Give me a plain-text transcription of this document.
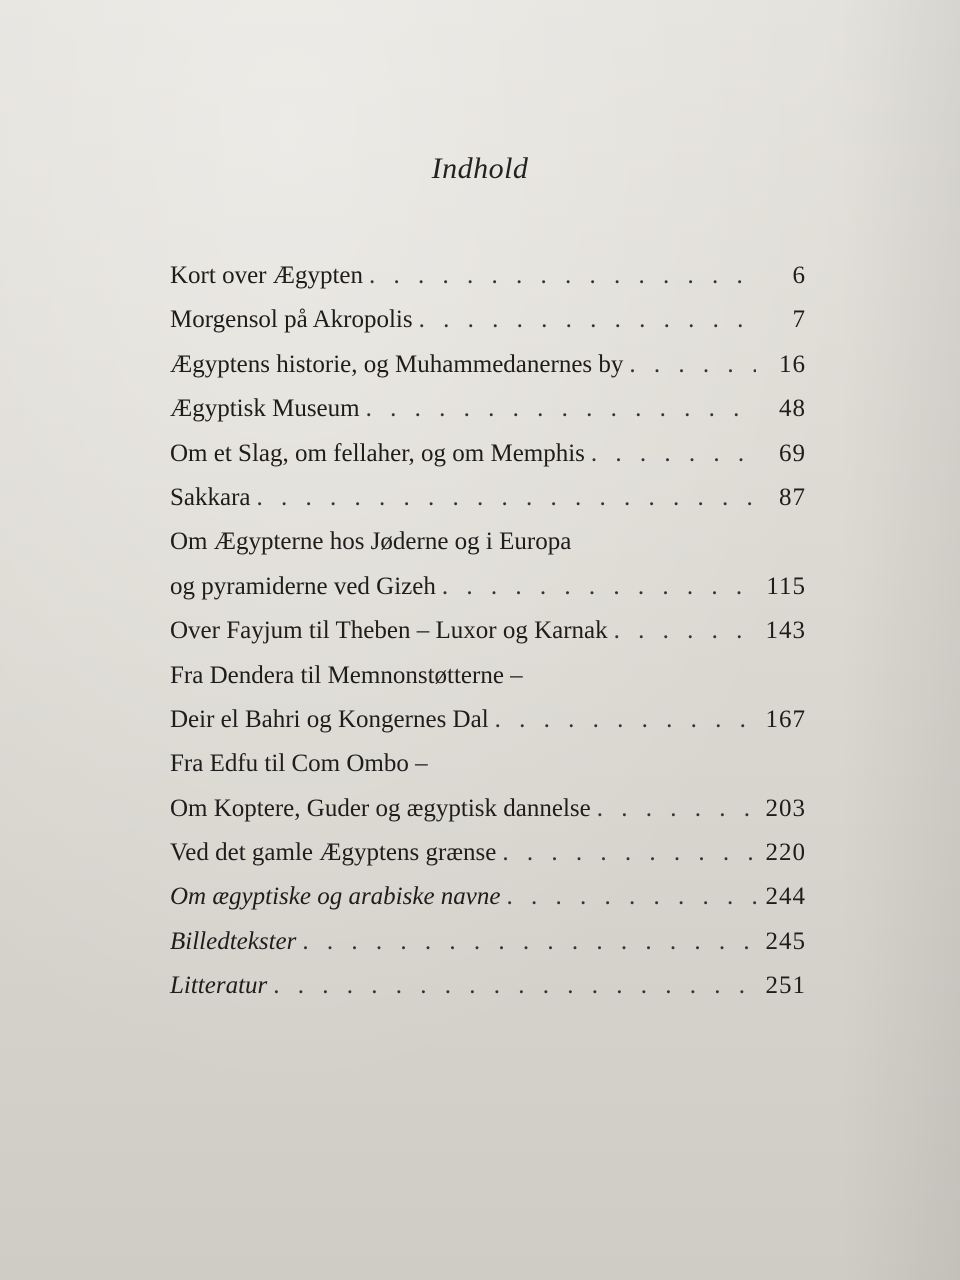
Indhold
Kort over Ægypten . . .	6
Morgensol på Akropolis . . .	7
Ægyptens historie, og Muhammedanernes by . . .	16
Ægyptisk Museum . . .	48
Om et Slag, om fellaher, og om Memphis . . .	69
Sakkara . . .	87
Om Ægypterne hos Jøderne og i Europa
og pyramiderne ved Gizeh . . .	115
Over Fayjum til Theben – Luxor og Karnak . . .	143
Fra Dendera til Memnonstøtterne –
Deir el Bahri og Kongernes Dal . . .	167
Fra Edfu til Com Ombo –
Om Koptere, Guder og ægyptisk dannelse . . .	203
Ved det gamle Ægyptens grænse . . .	220
Om ægyptiske og arabiske navne . . .	244
Billedtekster . . .	245
Litteratur . . .	251
